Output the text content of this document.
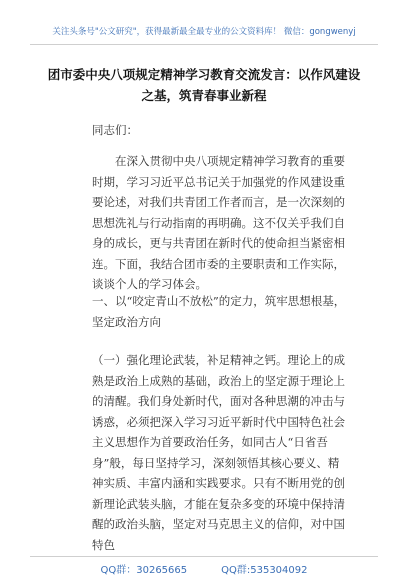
关注头条号"公文研究"，获得最新最全最专业的公文资料库！ 微信：gongwenyj
团市委中央八项规定精神学习教育交流发言：以作风建设
之基，筑青春事业新程
同志们：
在深入贯彻中央八项规定精神学习教育的重要时期，学习习近平总书记关于加强党的作风建设重要论述，对我们共青团工作者而言，是一次深刻的思想洗礼与行动指南的再明确。这不仅关乎我们自身的成长，更与共青团在新时代的使命担当紧密相连。下面，我结合团市委的主要职责和工作实际，谈谈个人的学习体会。
一、以“咬定青山不放松”的定力，筑牢思想根基，坚定政治方向
（一）强化理论武装，补足精神之钙。理论上的成熟是政治上成熟的基础，政治上的坚定源于理论上的清醒。我们身处新时代，面对各种思潮的冲击与诱惑，必须把深入学习习近平新时代中国特色社会主义思想作为首要政治任务，如同古人“日省吾身”般，每日坚持学习，深刻领悟其核心要义、精神实质、丰富内涵和实践要求。只有不断用党的创新理论武装头脑，才能在复杂多变的环境中保持清醒的政治头脑，坚定对马克思主义的信仰，对中国特色
QQ群：30265665	QQ群:535304092
